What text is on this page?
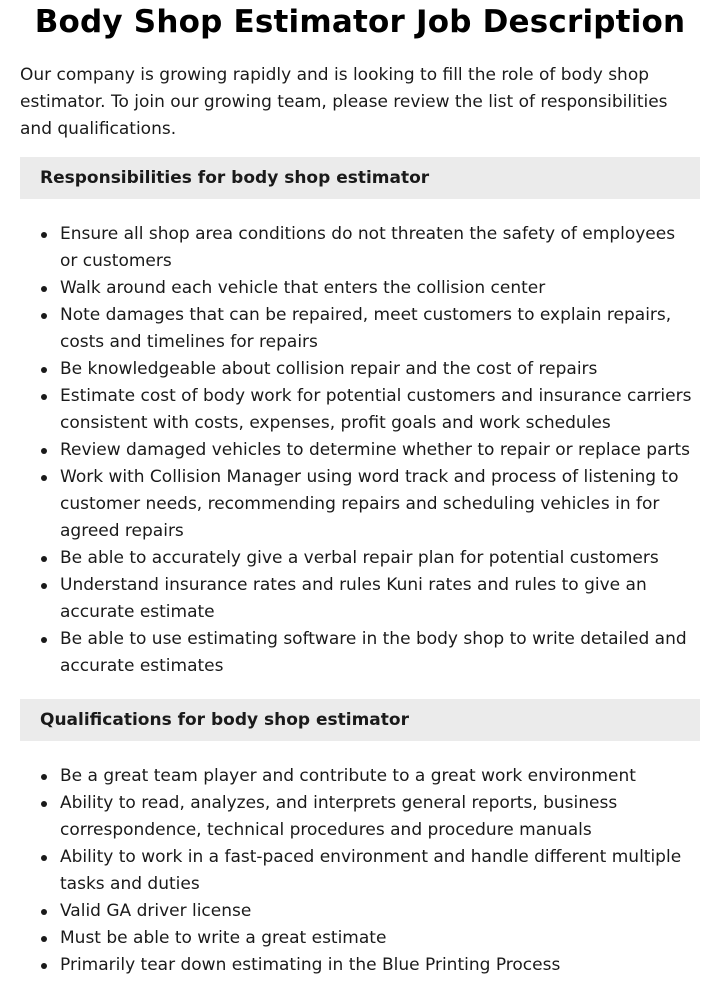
Body Shop Estimator Job Description

Our company is growing rapidly and is looking to fill the role of body shop estimator. To join our growing team, please review the list of responsibilities and qualifications.

Responsibilities for body shop estimator
Ensure all shop area conditions do not threaten the safety of employees or customers
Walk around each vehicle that enters the collision center
Note damages that can be repaired, meet customers to explain repairs, costs and timelines for repairs
Be knowledgeable about collision repair and the cost of repairs
Estimate cost of body work for potential customers and insurance carriers consistent with costs, expenses, profit goals and work schedules
Review damaged vehicles to determine whether to repair or replace parts
Work with Collision Manager using word track and process of listening to customer needs, recommending repairs and scheduling vehicles in for agreed repairs
Be able to accurately give a verbal repair plan for potential customers
Understand insurance rates and rules Kuni rates and rules to give an accurate estimate
Be able to use estimating software in the body shop to write detailed and accurate estimates
Qualifications for body shop estimator
Be a great team player and contribute to a great work environment
Ability to read, analyzes, and interprets general reports, business correspondence, technical procedures and procedure manuals
Ability to work in a fast-paced environment and handle different multiple tasks and duties
Valid GA driver license
Must be able to write a great estimate
Primarily tear down estimating in the Blue Printing Process
